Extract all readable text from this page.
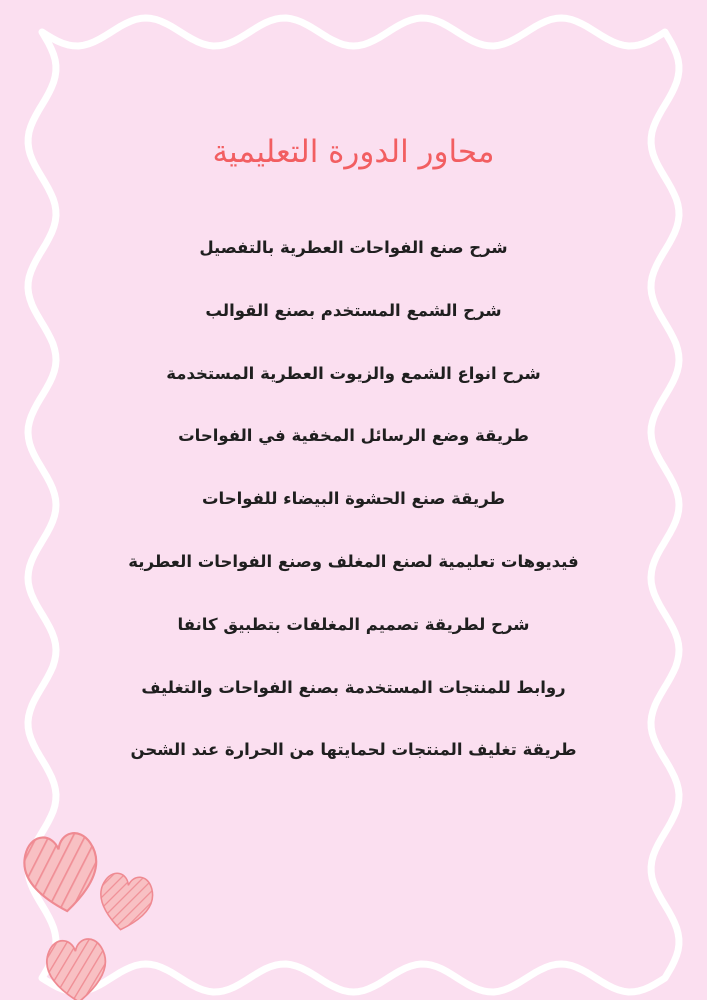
محاور الدورة التعليمية
شرح صنع الفواحات العطرية بالتفصيل
شرح الشمع المستخدم بصنع القوالب
شرح انواع الشمع والزيوت العطرية المستخدمة
طريقة وضع الرسائل المخفية في الفواحات
طريقة صنع الحشوة البيضاء للفواحات
فيديوهات تعليمية لصنع المغلف وصنع الفواحات العطرية
شرح لطريقة تصميم المغلفات بتطبيق كانفا
روابط للمنتجات المستخدمة بصنع الفواحات والتغليف
طريقة تغليف المنتجات لحمايتها من الحرارة عند الشحن
